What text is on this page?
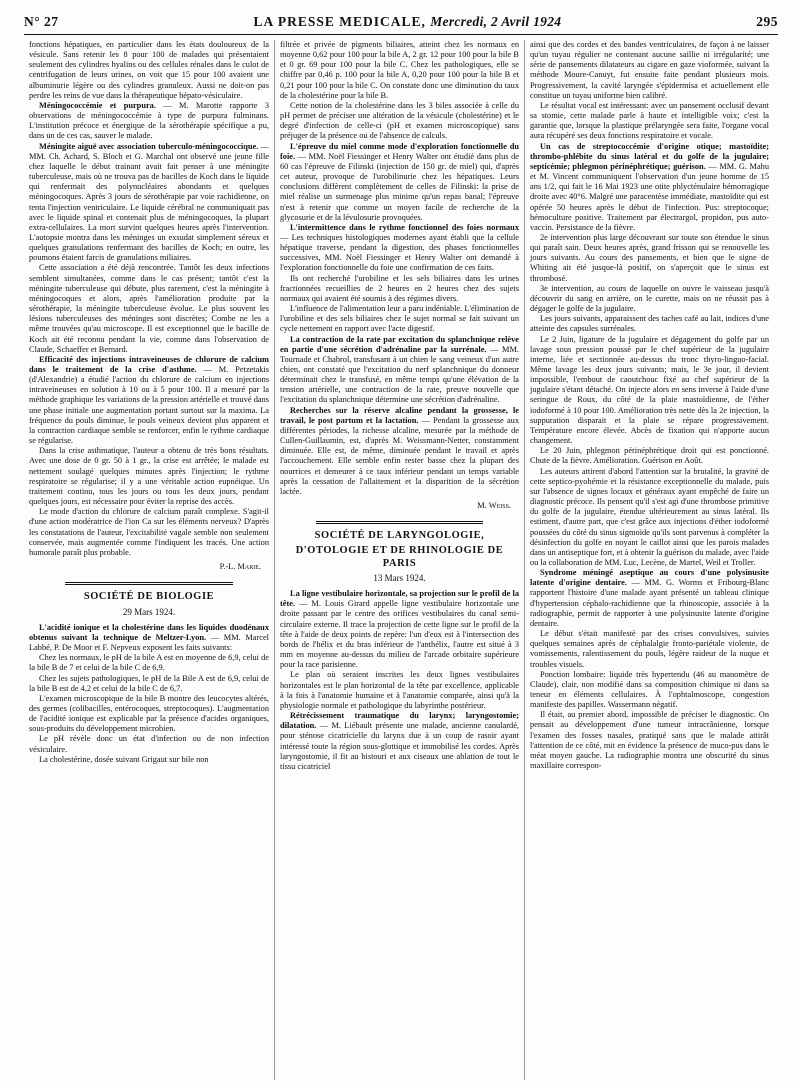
N° 27	LA PRESSE MEDICALE, Mercredi, 2 Avril 1924	295

fonctions hépatiques, en particulier dans les états douloureux de la vésicule. Sans retenir les 8 pour 100 de malades qui présentaient seulement des cylindres hyalins ou des cellules rénales dans le culot de centrifugation de leurs urines, on voit que 15 pour 100 avaient une albuminurie légère ou des cylindres granuleux. Aussi ne doit-on pas perdre les reins de vue dans la thérapeutique hépato-vésiculaire.

Méningococcémie et purpura. — M. Marotte rapporte 3 observations de méningococcémie à type de purpura fulminans. L'institution précoce et énergique de la sérothérapie spécifique a pu, dans un de ces cas, sauver le malade.

Méningite aiguë avec association tuberculo-méningococcique. — MM. Ch. Achard, S. Bloch et G. Marchal ont observé une jeune fille chez laquelle le début trainant avait fait penser à une méningite tuberculeuse, mais où ne trouva pas de bacilles de Koch dans le liquide qui renfermait des polynucléaires abondants et quelques méningocoques. Après 3 jours de sérothérapie par voie rachidienne, on tenta l'injection ventriculaire. Le liquide cérébral ne communiquait pas avec le liquide spinal et contenait plus de méningocoques, la plupart extra-cellulaires. La mort survint quelques heures après l'intervention. L'autopsie montra dans les méninges un exsudat simplement séreux et quelques granulations renfermant des bacilles de Koch; en outre, les poumons étaient farcis de granulations miliaires.

Cette association a été déjà rencontrée. Tantôt les deux infections semblent simultanées, comme dans le cas présent; tantôt c'est la méningite tuberculeuse qui débute, plus rarement, c'est la méningite à méningocoques et alors, après l'amélioration produite par la sérothérapie, la méningite tuberculeuse évolue. Le plus souvent les lésions tuberculeuses des méninges sont discrètes; Combe ne les a même trouvées qu'au microscope. Il est exceptionnel que le bacille de Koch ait été reconnu pendant la vie, comme dans l'observation de Claude, Schaeffer et Bernard.

Efficacité des injections intraveineuses de chlorure de calcium dans le traitement de la crise d'asthme. — M. Petzetakis (d'Alexandrie) a étudié l'action du chlorure de calcium en injections intraveineuses en solution à 10 ou à 5 pour 100. Il a mesuré par la méthode graphique les variations de la pression artérielle et trouvé dans une phase initiale une augmentation portant surtout sur la maxima. La fréquence du pouls diminue, le pouls veineux devient plus apparent et la contraction cardiaque semble se renforcer, enfin le rythme cardiaque se régularise.

Dans la crise asthmatique, l'auteur a obtenu de très bons résultats. Avec une dose de 0 gr. 50 à 1 gr., la crise est arrêtée; le malade est nettement soulagé quelques minutes après l'injection; le rythme respiratoire se régularise; il y a une véritable action eupnéique. Un traitement continu, tous les jours ou tous les deux jours, pendant quelques jours, est nécessaire pour éviter la reprise des accès.

Le mode d'action du chlorure de calcium paraît complexe. S'agit-il d'une action modératrice de l'ion Ca sur les éléments nerveux? D'après les constatations de l'auteur, l'excitabilité vagale semble non seulement conservée, mais augmentée comme l'indiquent les tracés. Une action humorale paraît plus probable.

P.-L. Marie.
SOCIÉTÉ DE BIOLOGIE
29 Mars 1924.

L'acidité ionique et la cholestérine dans les liquides duodénaux obtenus suivant la technique de Meltzer-Lyon. — MM. Marcel Labbé, P. De Moor et F. Nepveux exposent les faits suivants:

Chez les normaux, le pH de la bile A est en moyenne de 6,9, celui de la bile B de 7 et celui de la bile C de 6,9.

Chez les sujets pathologiques, le pH de la Bile A est de 6,9, celui de la bile B est de 4,2 et celui de la bile C de 6,7.

L'examen microscopique de la bile B montre des leucocytes altérés, des germes (colibacilles, entérocoques, streptocoques). L'augmentation de l'acidité ionique est explicable par la présence d'acides organiques, sous-produits du développement microbien.

Le pH révèle donc un état d'infection ou de non infection vésiculaire.

La cholestérine, dosée suivant Grigaut sur bile non

filtrée et privée de pigments biliaires, atteint chez les normaux en moyenne 0,62 pour 100 pour la bile A, 2 gr. 12 pour 100 pour la bile B et 0 gr. 69 pour 100 pour la bile C. Chez les pathologiques, elle se chiffre par 0,46 p. 100 pour la bile A, 0,20 pour 100 pour la bile B et 0,21 pour 100 pour la bile C. On constate donc une diminution du taux de la cholestérine pour la bile B.

Cette notion de la cholestérine dans les 3 biles associée à celle du pH permet de préciser une altération de la vésicule (cholestérine) et le degré d'infection de celle-ci (pH et examen microscopique) sans préjuger de la présence ou de l'absence de calculs.

L'épreuve du miel comme mode d'exploration fonctionnelle du foie. — MM. Noël Fiessinger et Henry Walter ont étudié dans plus de 60 cas l'épreuve de Filinski (injection de 150 gr. de miel) qui, d'après cet auteur, provoque de l'urobilinurie chez les hépatiques. Leurs conclusions diffèrent complètement de celles de Filinski: la prise de miel réalise un surmenage plus minime qu'un repas banal; l'épreuve n'est à retenir que comme un moyen facile de recherche de la glycosurie et de la lévulosurie provoquées.

L'intermittence dans le rythme fonctionnel des foies normaux — Les techniques histologiques modernes ayant établi que la cellule hépatique traverse, pendant la digestion, des phases fonctionnelles successives, MM. Noël Fiessinger et Henry Walter ont demandé à l'exploration fonctionnelle du foie une confirmation de ces faits.

Ils ont recherché l'urobiline et les sels biliaires dans les urines fractionnées recueillies de 2 heures en 2 heures chez des sujets normaux qui avaient été soumis à des régimes divers.

L'influence de l'alimentation leur a paru indéniable. L'élimination de l'urobiline et des sels biliaires chez le sujet normal se fait suivant un cycle nettement en rapport avec l'acte digestif.

La contraction de la rate par excitation du splanchnique relève en partie d'une sécrétion d'adrénaline par la surrénale. — MM. Tournade et Chabrol, transfusant à un chien le sang veineux d'un autre chien, ont constaté que l'excitation du nerf splanchnique du donneur déterminait chez le transfusé, en même temps qu'une élévation de la tension artérielle, une contraction de la rate, preuve nouvelle que l'excitation du splanchnique détermine une sécrétion d'adrénaline.

Recherches sur la réserve alcaline pendant la grossesse, le travail, le post partum et la lactation. — Pendant la grossesse aux différentes périodes, la richesse alcaline, mesurée par la méthode de Cullen-Guillaumin, est, d'après M. Weissmann-Netter, constamment diminuée. Elle est, de même, diminuée pendant le travail et après l'accouchement. Elle semble enfin rester basse chez la plupart des nourrices et demeurer à ce taux inférieur pendant un temps variable après la cessation de l'allaitement et la disparition de la sécrétion lactée.

M. Weiss.
SOCIÉTÉ DE LARYNGOLOGIE,
D'OTOLOGIE ET DE RHINOLOGIE DE PARIS
13 Mars 1924.

La ligne vestibulaire horizontale, sa projection sur le profil de la tête. — M. Louis Girard appelle ligne vestibulaire horizontale une droite passant par le centre des orifices vestibulaires du canal semi-circulaire externe. Il trace la projection de cette ligne sur le profil de la tête à l'aide de deux points de repère: l'un d'eux est à l'intersection des bords de l'hélix et du bras inférieur de l'anthélix, l'autre est situé à 3 mm en moyenne au-dessus du milieu de l'arcade orbitaire supérieure pour la race parisienne.

Le plan où seraient inscrites les deux lignes vestibulaires horizontales est le plan horizontal de la tête par excellence, applicable à la fois à l'anatomie humaine et à l'anatomie comparée, ainsi qu'à la physiologie normale et pathologique du labyrinthe postérieur.

Rétrécissement traumatique du larynx; laryngostomie; dilatation. — M. Liébault présente une malade, ancienne canulardé, pour sténose cicatricielle du larynx due à un coup de rasoir ayant intéressé toute la région sous-glottique et immobilisé les cordes. Après laryngostomie, il fit au bistouri et aux ciseaux une ablation de tout le tissu cicatriciel

ainsi que des cordes et des bandes ventriculaires, de façon à ne laisser qu'un tuyau régulier ne contenant aucune saillie ni irrégularité; une série de pansements dilatateurs au cigare en gaze vioformée, suivant la méthode Moure-Canuyt, fut ensuite faite pendant plusieurs mois. Progressivement, la cavité laryngée s'épidermisa et actuellement elle constitue un tuyau uniforme bien calibré.

Le résultat vocal est intéressant: avec un pansement occlusif devant sa stomie, cette malade parle à haute et intelligible voix; c'est la garantie que, lorsque la plastique prélaryngée sera faite, l'organe vocal aura récupéré ses deux fonctions respiratoire et vocale.

Un cas de streptococcémie d'origine otique; mastoïdite; thrombo-phlébite du sinus latéral et du golfe de la jugulaire; septicémie; phlegmon périnéphrétique; guérison. — MM. G. Mahu et M. Vincent communiquent l'observation d'un jeune homme de 15 ans 1/2, qui fait le 16 Mai 1923 une otite phlycténulaire hémorragique droite avec 40°6. Malgré une paracentèse immédiate, mastoïdite qui est opérée 50 heures après le début de l'infection. Pus: streptocoque; hémoculture positive. Traitement par électrargol, propidon, pus auto-vaccin. Persistance de la fièvre.

2e intervention plus large découvrant sur toute son étendue le sinus qui paraît sain. Deux heures après, grand frisson qui se renouvelle les jours suivants. Au cours des pansements, et bien que le signe de Whiting ait été jusque-là positif, on s'aperçoit que le sinus est thrombosé.

3e intervention, au cours de laquelle on ouvre le vaisseau jusqu'à découvrir du sang en arrière, on le curette, mais on ne réussit pas à dégager le golfe de la jugulaire.

Les jours suivants, apparaissent des taches café au lait, indices d'une atteinte des capsules surrénales.

Le 2 Juin, ligature de la jugulaire et dégagement du golfe par un lavage sous pression poussé par le chef supérieur de la jugulaire interne, liée et sectionnée au-dessus du tronc thyro-linguo-facial. Même lavage les deux jours suivants; mais, le 3e jour, il devient impossible, l'embout de caoutchouc fixé au chef supérieur de la jugulaire s'étant détaché. On injecte alors en sens inverse à l'aide d'une seringue de Roux, du côté de la plaie mastoïdienne, de l'éther iodoformé à 10 pour 100. Amélioration très nette dès la 2e injection, la suppuration disparait et la plaie se répare progressivement. Température encore élevée. Abcès de fixation qui n'apporte aucun changement.

Le 20 Juin, phlegmon périnéphrétique droit qui est ponctionné. Chute de la fièvre. Amélioration. Guérison en Août.

Les auteurs attirent d'abord l'attention sur la brutalité, la gravité de cette septico-pyohémie et la résistance exceptionnelle du malade, puis sur l'absence de signes locaux et généraux ayant empêché de faire un diagnostic précoce. Ils pensent qu'il s'est agi d'une thrombose primitive du golfe de la jugulaire, étendue ultérieurement au sinus latéral. Ils estiment, d'autre part, que c'est grâce aux injections d'éther iodoformé poussées du côté du sinus sigmoïde qu'ils sont parvenus à compléter la désinfection du golfe en noyant le caillot ainsi que les parois malades dans un antiseptique fort, et à obtenir la guérison du malade, avec l'aide ou la collaboration de MM. Luc, Lecène, de Martel, Weil et Troller.

Syndrome méningé aseptique au cours d'une polysinusite latente d'origine dentaire. — MM. G. Worms et Fribourg-Blanc rapportent l'histoire d'une malade ayant présenté un tableau clinique d'hypertension céphalo-rachidienne que la rhinoscopie, associée à la radiographie, permit de rapporter à une polysinusite latente d'origine dentaire.

Le début s'était manifesté par des crises convulsives, suivies quelques semaines après de céphalalgie fronto-pariétale violente, de vomissements, ralentissement du pouls, légère raideur de la nuque et troubles visuels.

Ponction lombaire: liquide très hypertendu (46 au manomètre de Claude), clair, non modifié dans sa composition chimique ni dans sa teneur en éléments cellulaires. À l'ophtalmoscope, congestion manifeste des papilles. Wassermann négatif.

Il était, au premier abord, impossible de préciser le diagnostic. On pensait au développement d'une tumeur intracrânienne, lorsque l'examen des fosses nasales, pratiqué sans que le malade attirât l'attention de ce côté, mit en évidence la présence de muco-pus dans le méat moyen gauche. La radiographie montra une obscurité du sinus maxillaire correspon-
